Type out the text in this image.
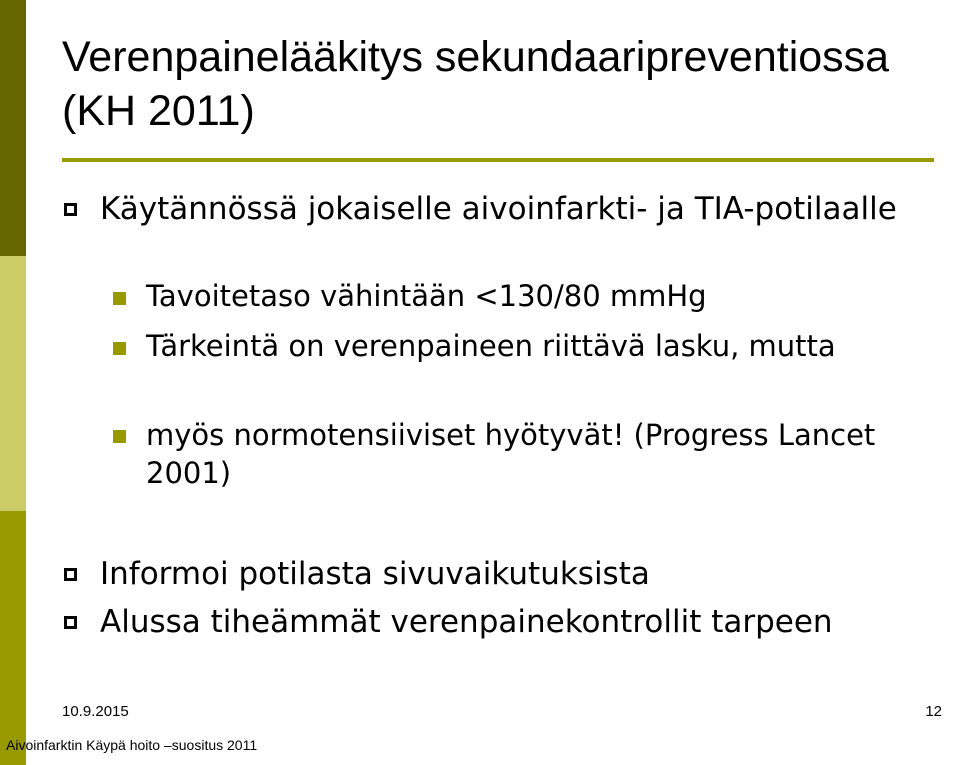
Verenpainelääkitys sekundaaripreventiossa (KH 2011)
Käytännössä jokaiselle aivoinfarkti- ja TIA-potilaalle
Tavoitetaso vähintään <130/80 mmHg
Tärkeintä on verenpaineen riittävä lasku, mutta
myös normotensiiviset hyötyvät! (Progress Lancet 2001)
Informoi potilasta sivuvaikutuksista
Alussa tiheämmät verenpainekontrollit tarpeen
10.9.2015	12
Aivoinfarktin Käypä hoito –suositus 2011
